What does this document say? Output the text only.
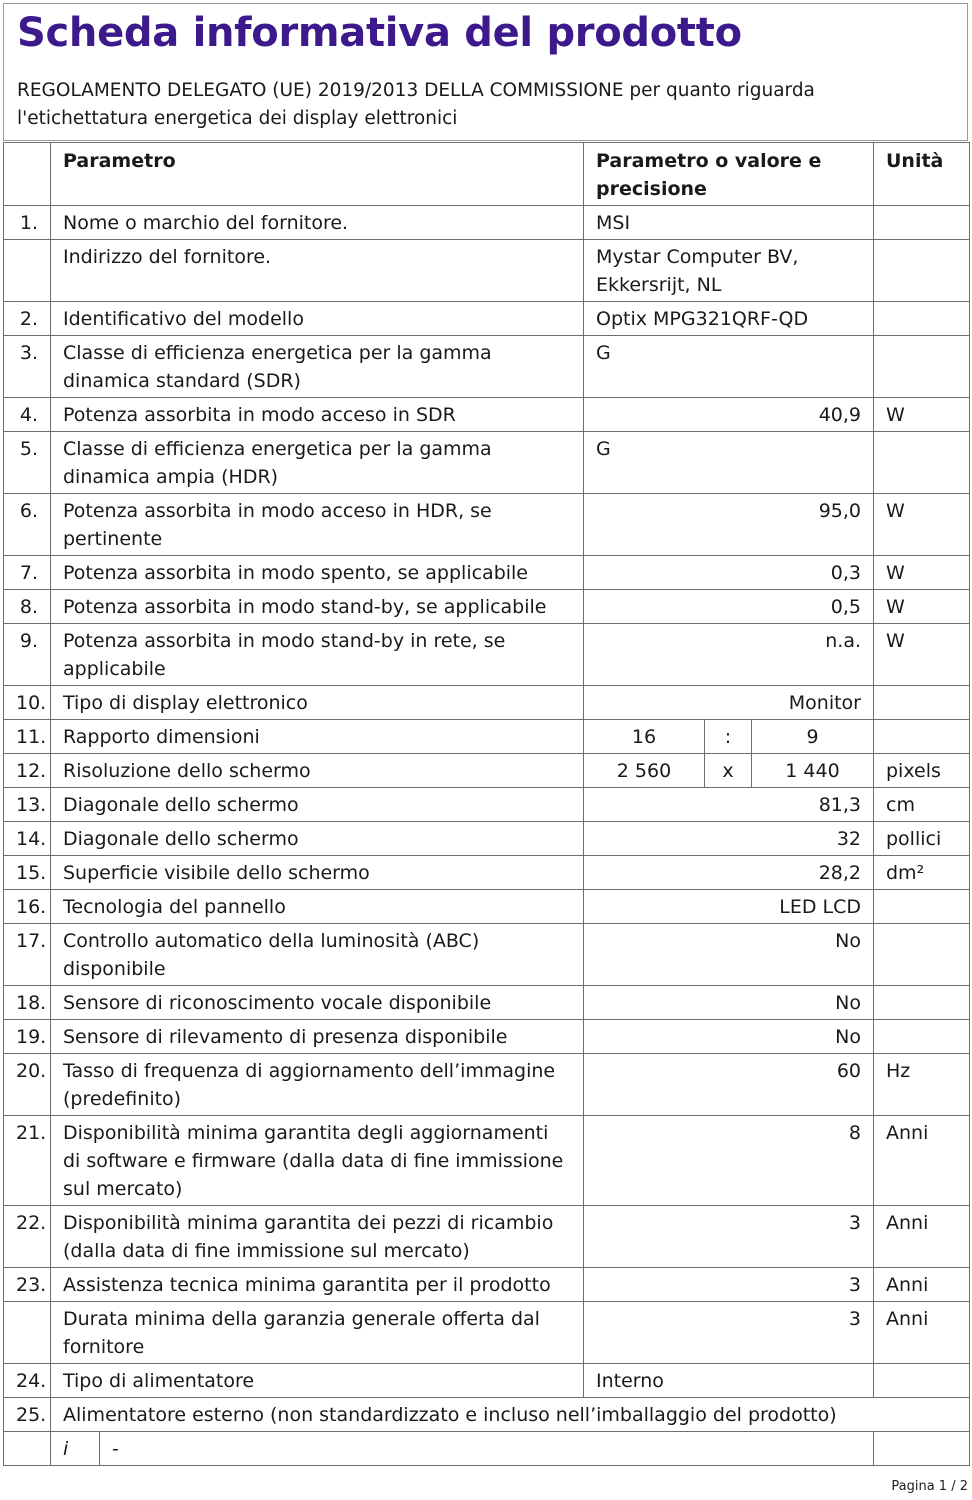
Scheda informativa del prodotto
REGOLAMENTO DELEGATO (UE) 2019/2013 DELLA COMMISSIONE per quanto riguarda l'etichettatura energetica dei display elettronici
	Parametro		Parametro o valore e precisione			Unità
1.	Nome o marchio del fornitore.		MSI			
	Indirizzo del fornitore.		Mystar Computer BV, Ekkersrijt, NL			
2.	Identificativo del modello		Optix MPG321QRF-QD			
3.	Classe di efficienza energetica per la gamma dinamica standard (SDR)		G			
4.	Potenza assorbita in modo acceso in SDR		40,9			W
5.	Classe di efficienza energetica per la gamma dinamica ampia (HDR)		G			
6.	Potenza assorbita in modo acceso in HDR, se pertinente		95,0			W
7.	Potenza assorbita in modo spento, se applicabile		0,3			W
8.	Potenza assorbita in modo stand-by, se applicabile		0,5			W
9.	Potenza assorbita in modo stand-by in rete, se applicabile		n.a.			W
10.	Tipo di display elettronico		Monitor			
11.	Rapporto dimensioni		16	:	9	
12.	Risoluzione dello schermo		2 560	x	1 440	pixels
13.	Diagonale dello schermo		81,3			cm
14.	Diagonale dello schermo		32			pollici
15.	Superficie visibile dello schermo		28,2			dm²
16.	Tecnologia del pannello		LED LCD			
17.	Controllo automatico della luminosità (ABC) disponibile		No			
18.	Sensore di riconoscimento vocale disponibile		No			
19.	Sensore di rilevamento di presenza disponibile		No			
20.	Tasso di frequenza di aggiornamento dell’immagine (predefinito)		60			Hz
21.	Disponibilità minima garantita degli aggiornamenti di software e firmware (dalla data di fine immissione sul mercato)		8			Anni
22.	Disponibilità minima garantita dei pezzi di ricambio (dalla data di fine immissione sul mercato)		3			Anni
23.	Assistenza tecnica minima garantita per il prodotto		3			Anni
	Durata minima della garanzia generale offerta dal fornitore		3			Anni
24.	Tipo di alimentatore		Interno			
25.	Alimentatore esterno (non standardizzato e incluso nell’imballaggio del prodotto)					
	i	-				
Pagina 1 / 2
